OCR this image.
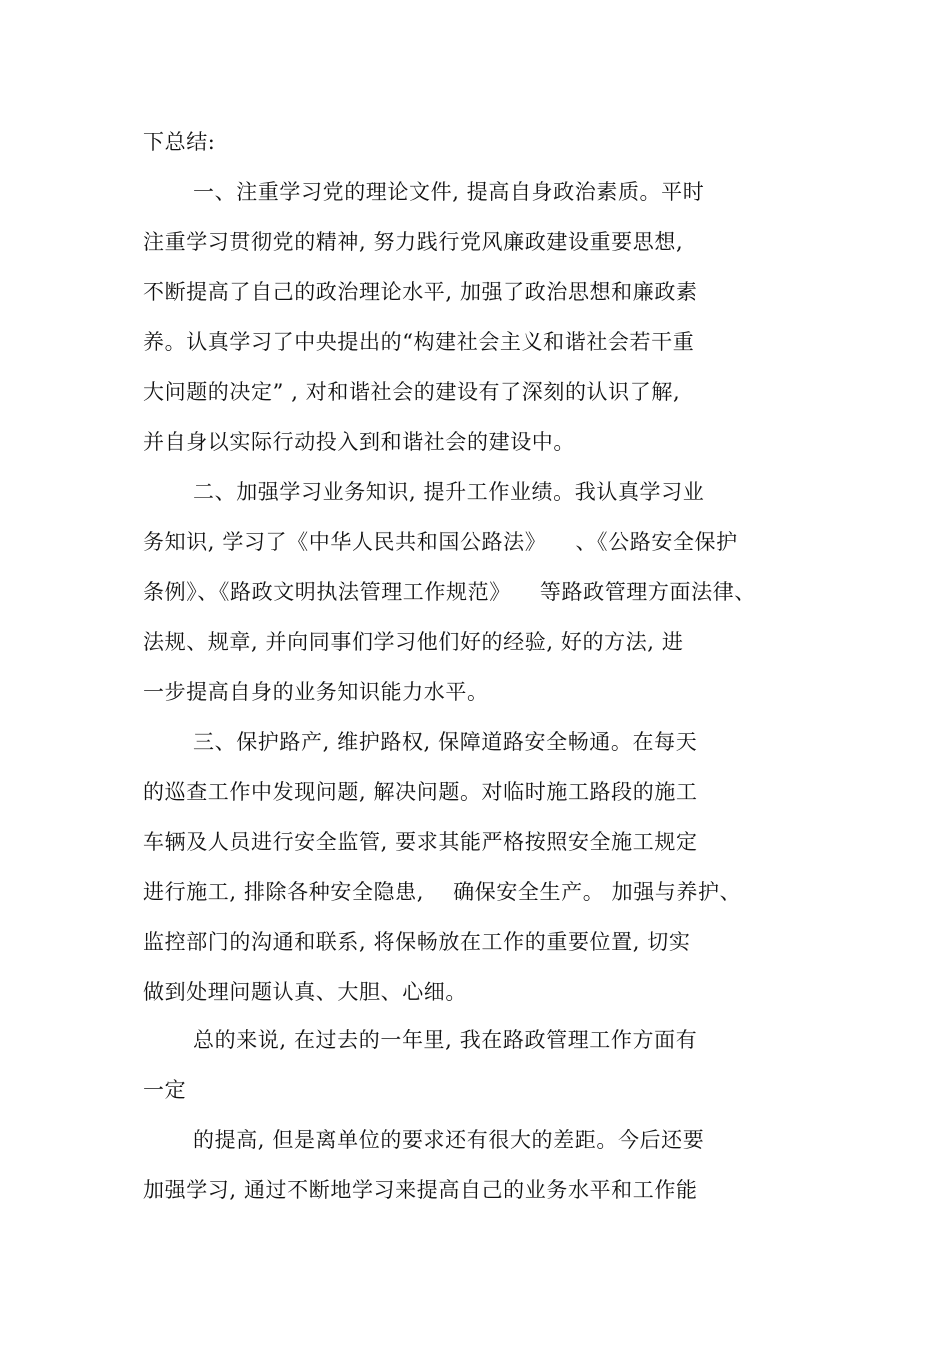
下总结:
一、注重学习党的理论文件, 提高自身政治素质。平时
注重学习贯彻党的精神, 努力践行党风廉政建设重要思想,
不断提高了自己的政治理论水平, 加强了政治思想和廉政素
养。认真学习了中央提出的“构建社会主义和谐社会若干重
大问题的决定” , 对和谐社会的建设有了深刻的认识了解,
并自身以实际行动投入到和谐社会的建设中。
二、加强学习业务知识, 提升工作业绩。我认真学习业
务知识, 学习了《中华人民共和国公路法》    、《公路安全保护
条例》、《路政文明执法管理工作规范》    等路政管理方面法律、
法规、规章, 并向同事们学习他们好的经验, 好的方法, 进
一步提高自身的业务知识能力水平。
三、保护路产, 维护路权, 保障道路安全畅通。在每天
的巡查工作中发现问题, 解决问题。对临时施工路段的施工
车辆及人员进行安全监管, 要求其能严格按照安全施工规定
进行施工, 排除各种安全隐患,    确保安全生产。 加强与养护、
监控部门的沟通和联系, 将保畅放在工作的重要位置, 切实
做到处理问题认真、大胆、心细。
总的来说, 在过去的一年里, 我在路政管理工作方面有
一定
的提高, 但是离单位的要求还有很大的差距。今后还要
加强学习, 通过不断地学习来提高自己的业务水平和工作能
